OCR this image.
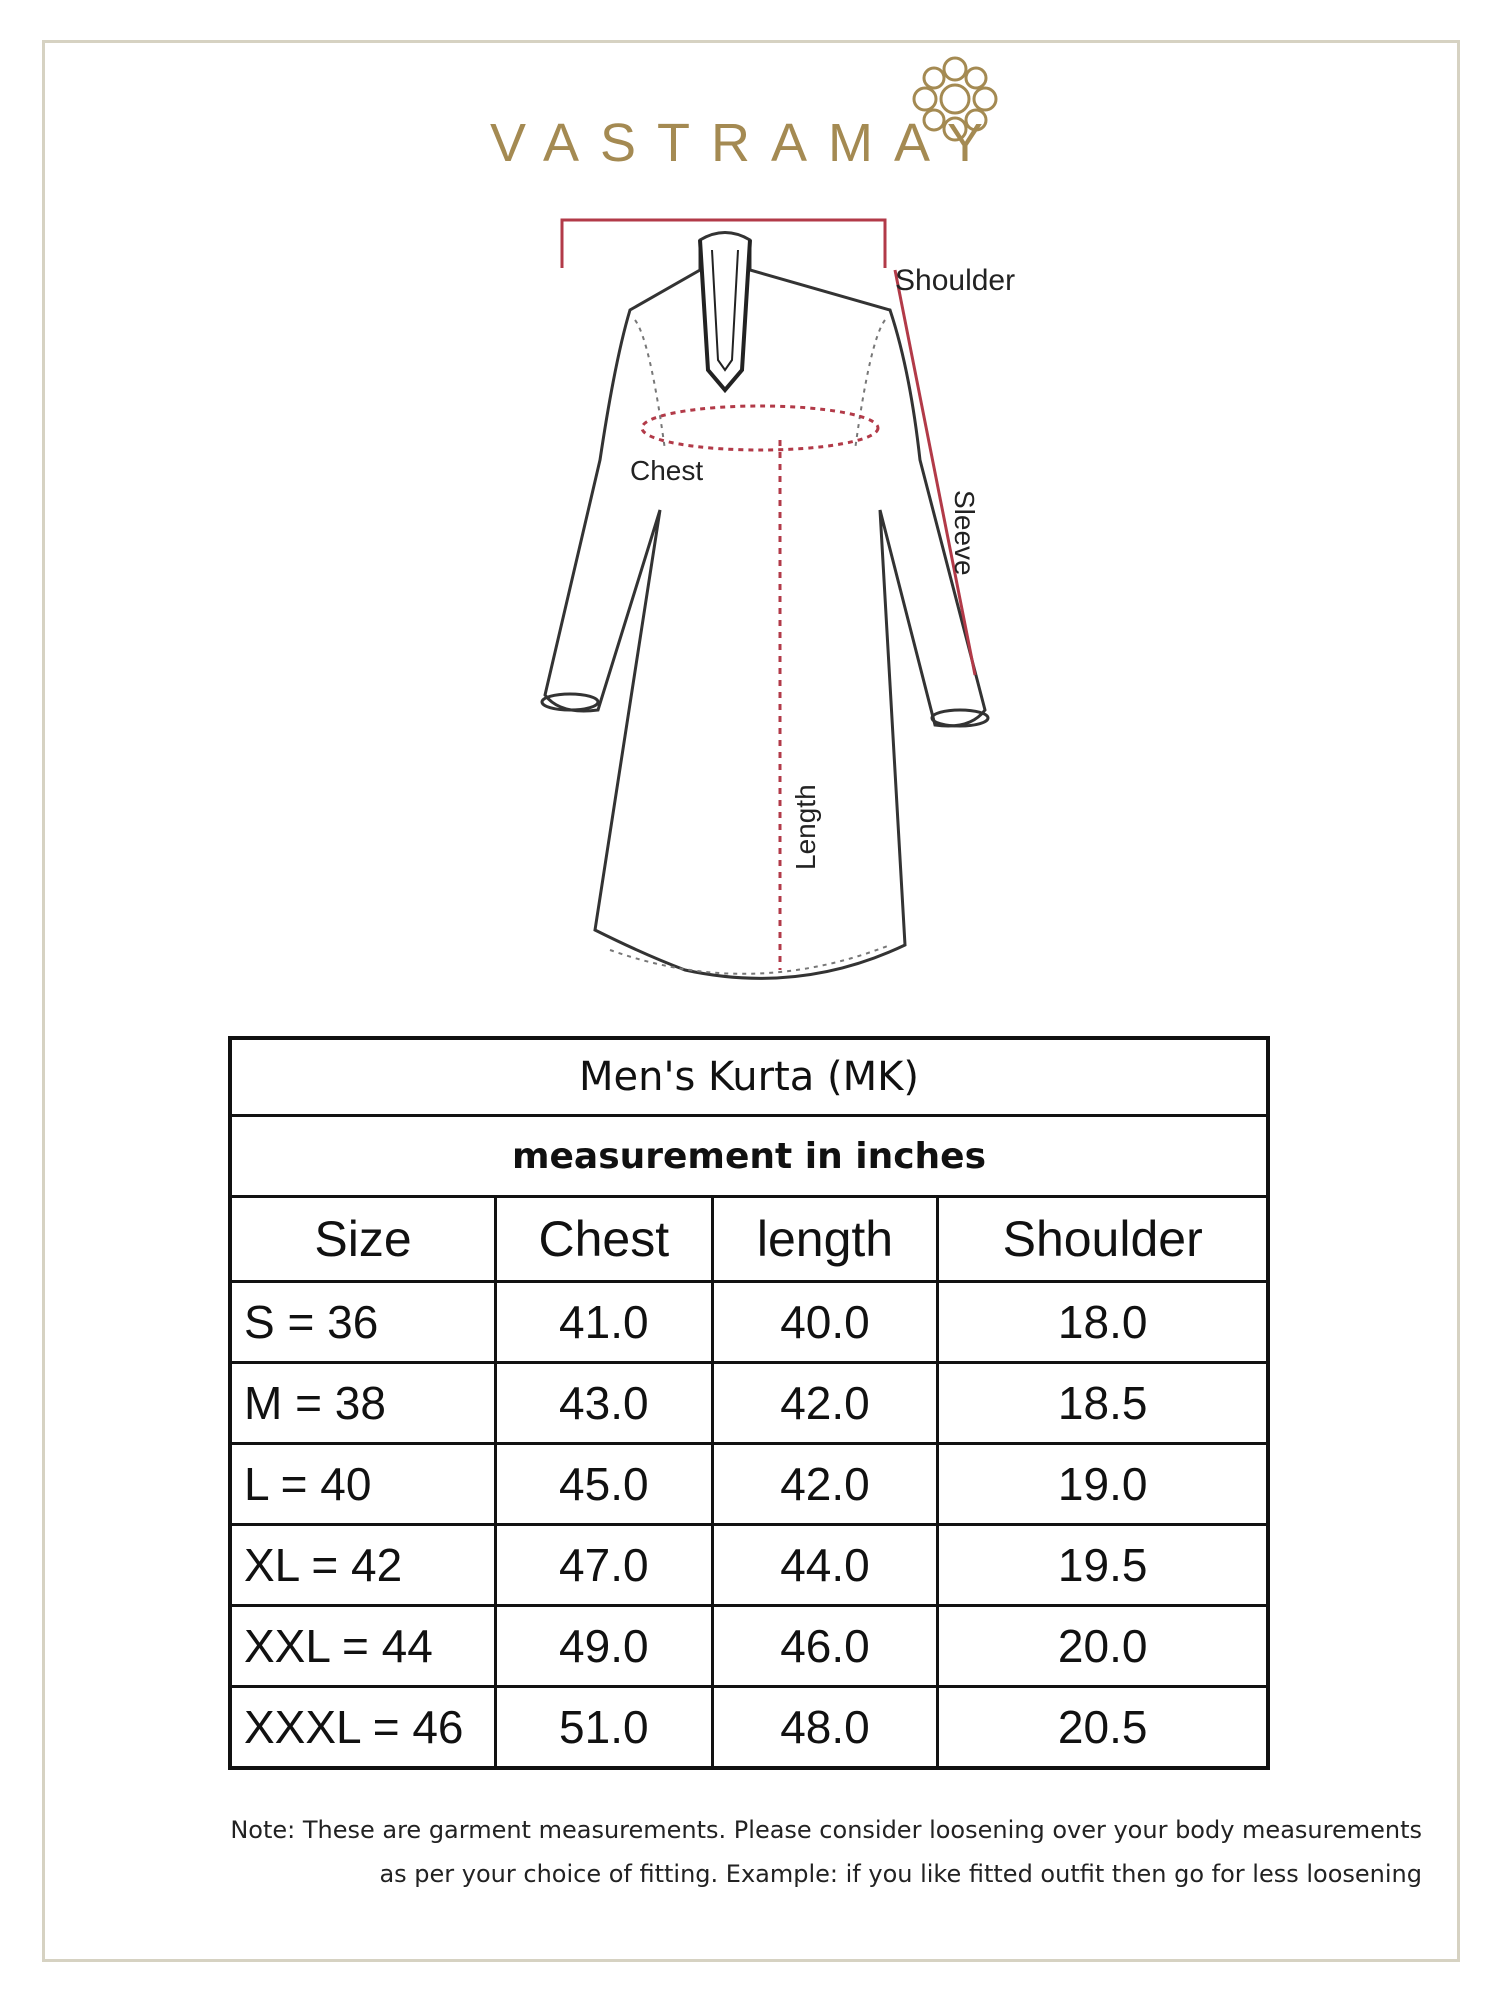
VASTRAMAY
Shoulder
Chest
Sleeve
Length
Men's Kurta (MK)			
measurement in inches			
Size	Chest	length	Shoulder
S = 36	41.0	40.0	18.0
M = 38	43.0	42.0	18.5
L = 40	45.0	42.0	19.0
XL = 42	47.0	44.0	19.5
XXL = 44	49.0	46.0	20.0
XXXL = 46	51.0	48.0	20.5
Note: These are garment measurements. Please consider loosening over your body measurements
as per your choice of fitting. Example: if you like fitted outfit then go for less loosening
